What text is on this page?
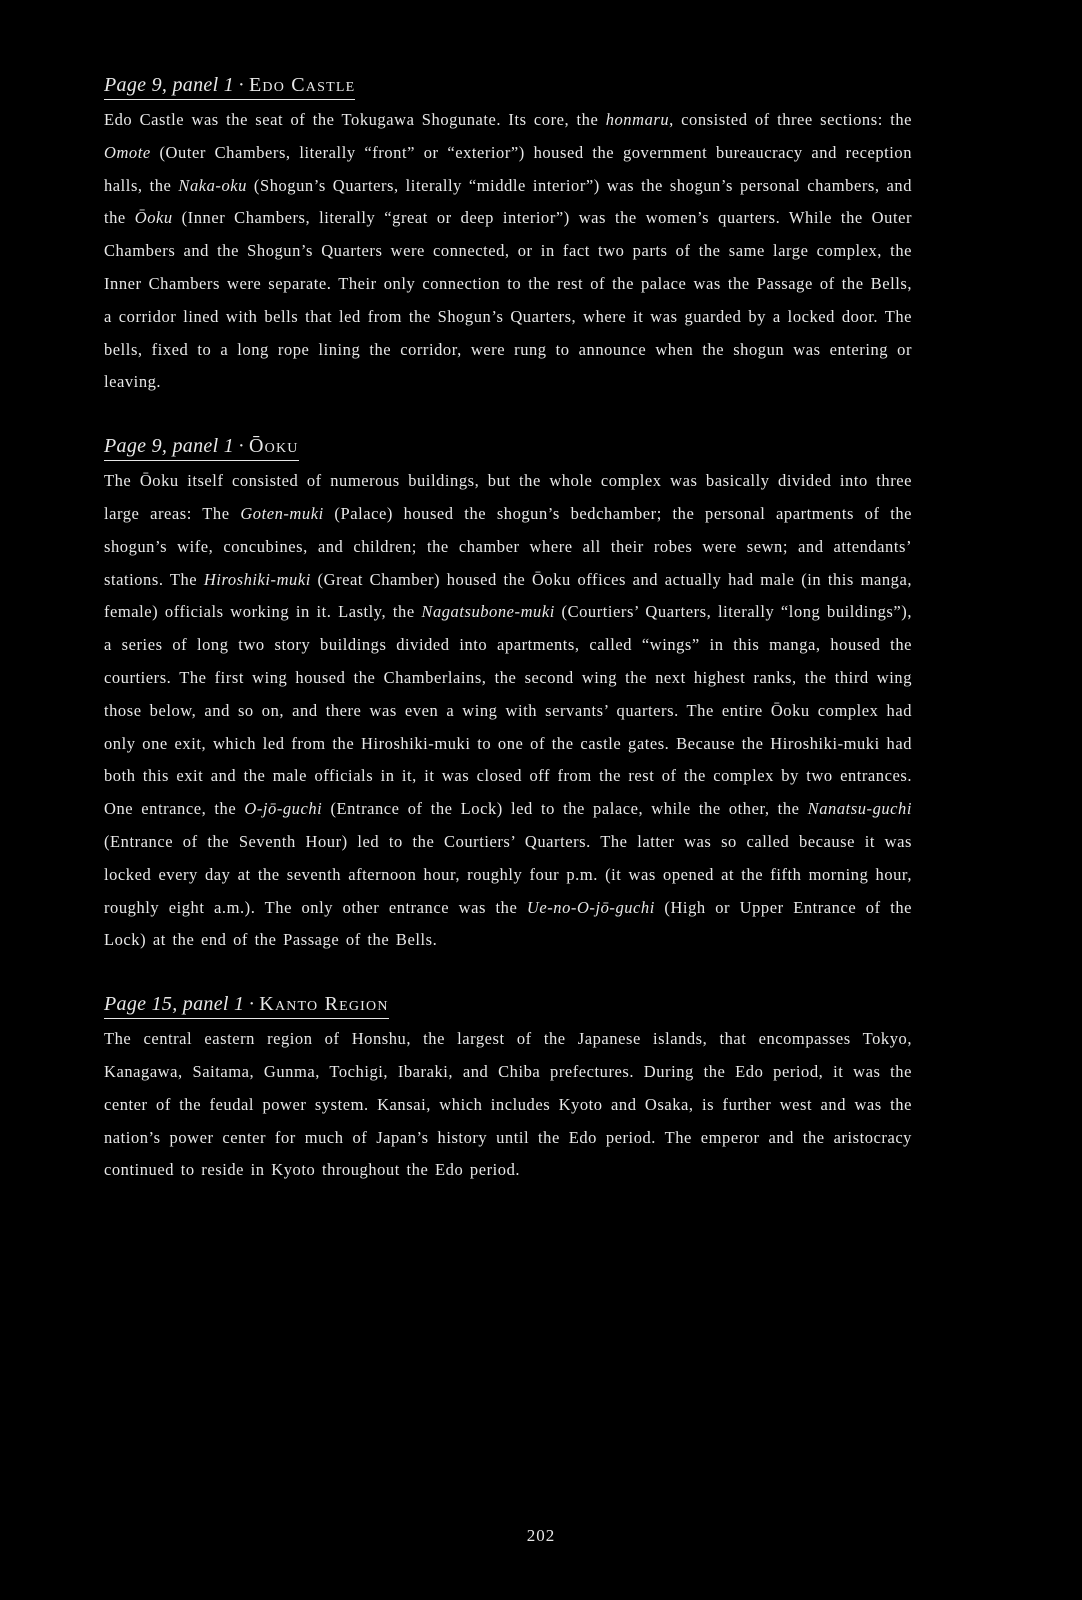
Page 9, panel 1 · Edo Castle

Edo Castle was the seat of the Tokugawa Shogunate. Its core, the honmaru, consisted of three sections: the Omote (Outer Chambers, literally “front” or “exterior”) housed the government bureaucracy and reception halls, the Naka-oku (Shogun’s Quarters, literally “middle interior”) was the shogun’s personal chambers, and the Ōoku (Inner Chambers, literally “great or deep interior”) was the women’s quarters. While the Outer Chambers and the Shogun’s Quarters were connected, or in fact two parts of the same large complex, the Inner Chambers were separate. Their only connection to the rest of the palace was the Passage of the Bells, a corridor lined with bells that led from the Shogun’s Quarters, where it was guarded by a locked door. The bells, fixed to a long rope lining the corridor, were rung to announce when the shogun was entering or leaving.

Page 9, panel 1 · Ōoku

The Ōoku itself consisted of numerous buildings, but the whole complex was basically divided into three large areas: The Goten-muki (Palace) housed the shogun’s bedchamber; the personal apartments of the shogun’s wife, concubines, and children; the chamber where all their robes were sewn; and attendants’ stations. The Hiroshiki-muki (Great Chamber) housed the Ōoku offices and actually had male (in this manga, female) officials working in it. Lastly, the Nagatsubone-muki (Courtiers’ Quarters, literally “long buildings”), a series of long two story buildings divided into apartments, called “wings” in this manga, housed the courtiers. The first wing housed the Chamberlains, the second wing the next highest ranks, the third wing those below, and so on, and there was even a wing with servants’ quarters. The entire Ōoku complex had only one exit, which led from the Hiroshiki-muki to one of the castle gates. Because the Hiroshiki-muki had both this exit and the male officials in it, it was closed off from the rest of the complex by two entrances. One entrance, the O-jō-guchi (Entrance of the Lock) led to the palace, while the other, the Nanatsu-guchi (Entrance of the Seventh Hour) led to the Courtiers’ Quarters. The latter was so called because it was locked every day at the seventh afternoon hour, roughly four p.m. (it was opened at the fifth morning hour, roughly eight a.m.). The only other entrance was the Ue-no-O-jō-guchi (High or Upper Entrance of the Lock) at the end of the Passage of the Bells.

Page 15, panel 1 · Kanto Region

The central eastern region of Honshu, the largest of the Japanese islands, that encompasses Tokyo, Kanagawa, Saitama, Gunma, Tochigi, Ibaraki, and Chiba prefectures. During the Edo period, it was the center of the feudal power system. Kansai, which includes Kyoto and Osaka, is further west and was the nation’s power center for much of Japan’s history until the Edo period. The emperor and the aristocracy continued to reside in Kyoto throughout the Edo period.

202
